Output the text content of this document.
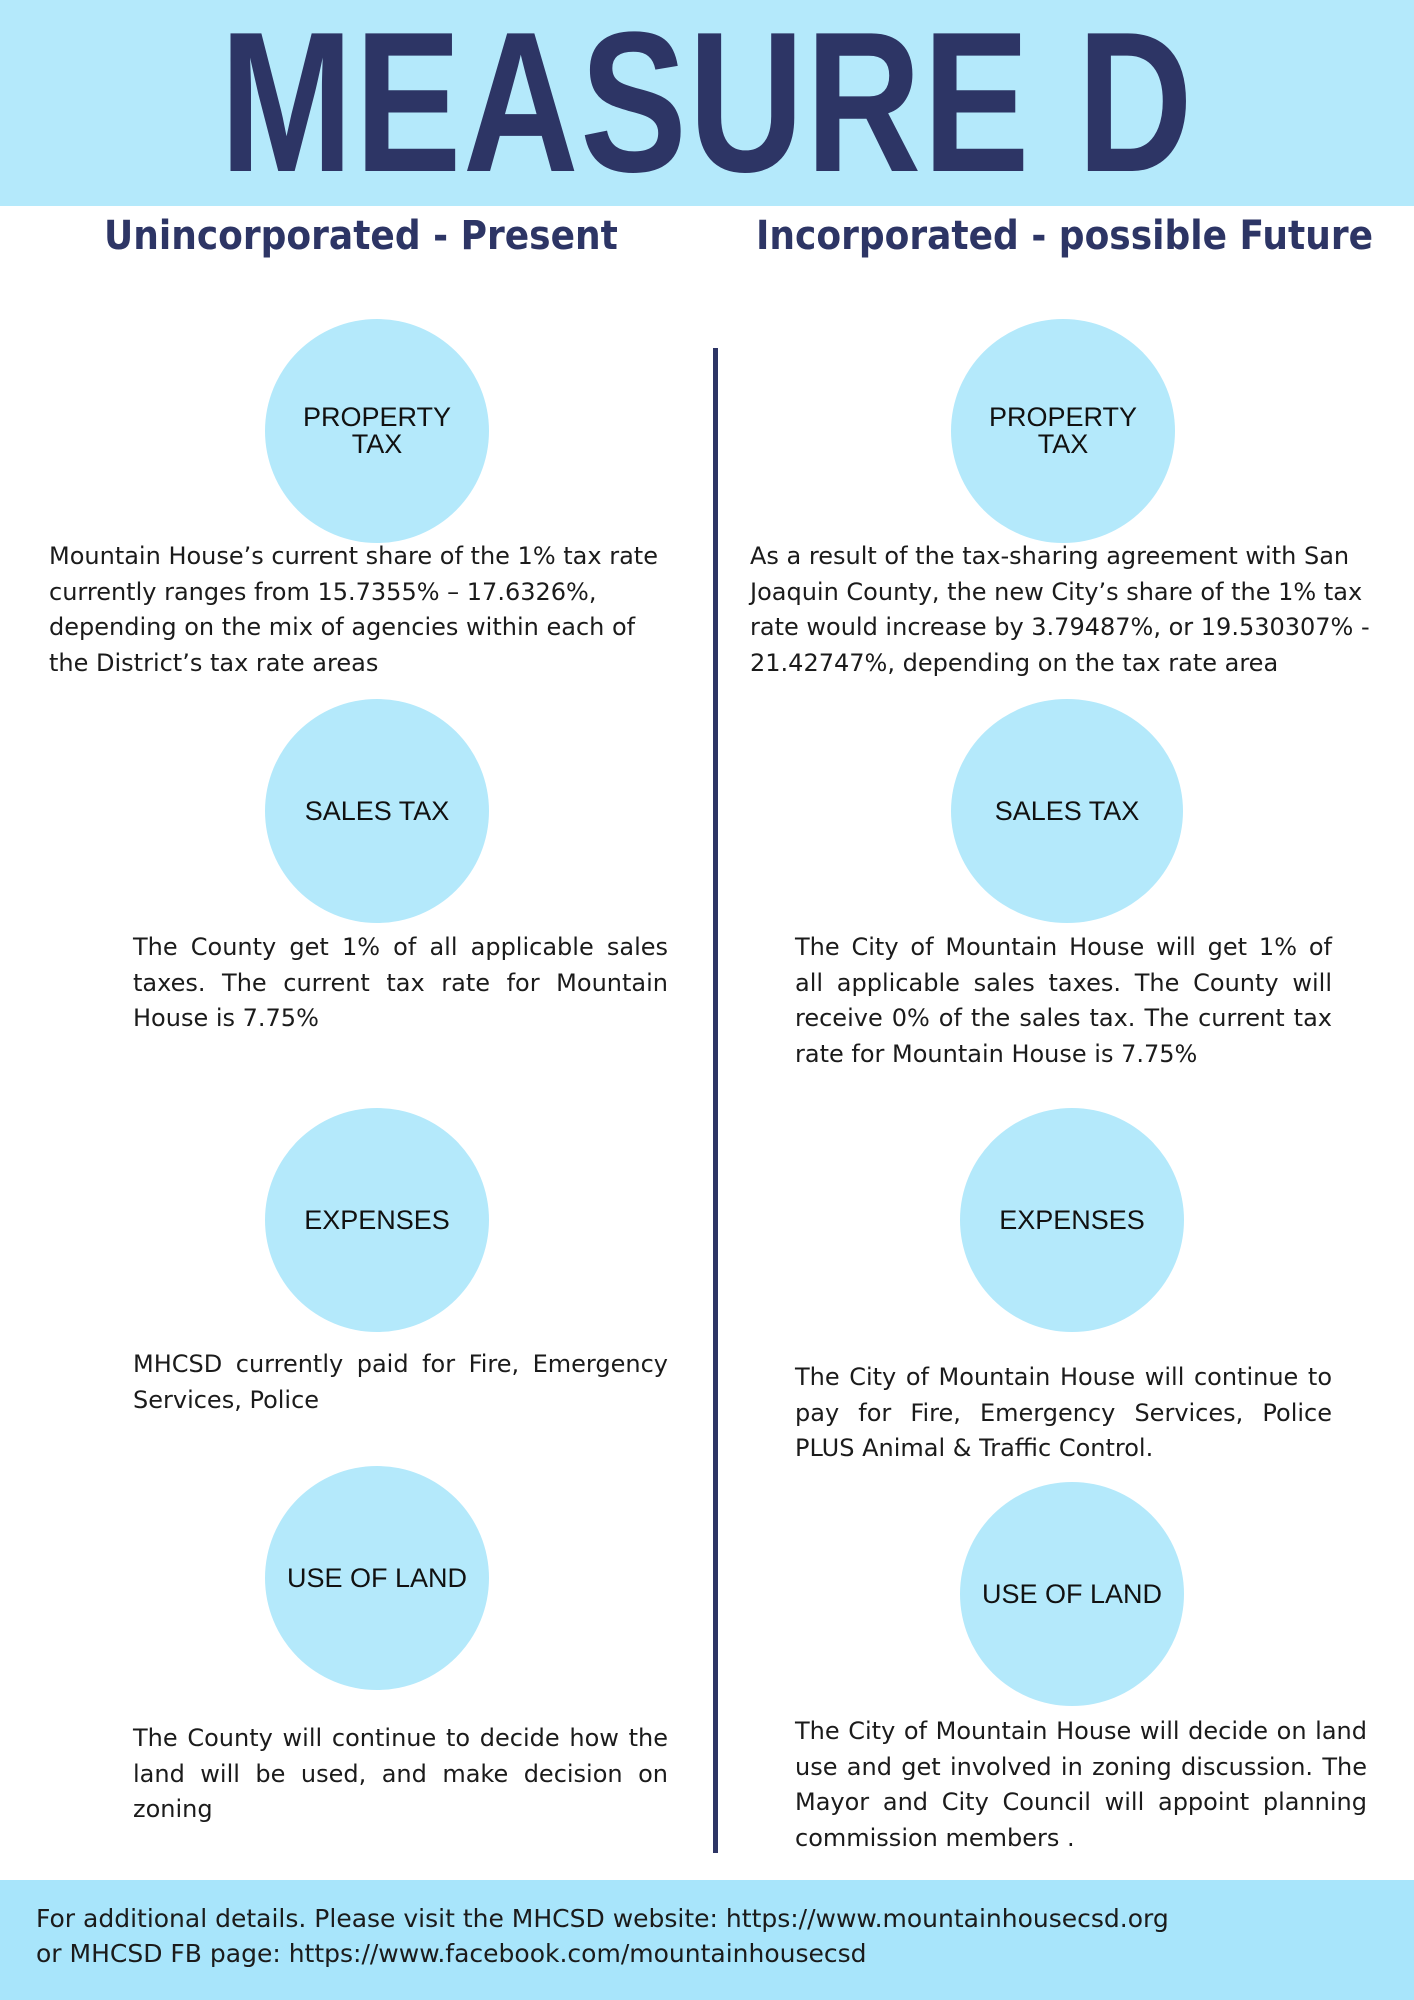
MEASURE D
Unincorporated - Present	Incorporated - possible Future
PROPERTY
TAX
Mountain House’s current share of the 1% tax rate currently ranges from 15.7355% – 17.6326%, depending on the mix of agencies within each of the District’s tax rate areas
SALES TAX
The County get 1% of all applicable sales taxes. The current tax rate for Mountain House is 7.75%
EXPENSES
MHCSD currently paid for Fire, Emergency Services, Police
USE OF LAND
The County will continue to decide how the land will be used, and make decision on zoning
PROPERTY
TAX
As a result of the tax-sharing agreement with San Joaquin County, the new City’s share of the 1% tax rate would increase by 3.79487%, or 19.530307% - 21.42747%, depending on the tax rate area
SALES TAX
The City of Mountain House will get 1% of all applicable sales taxes. The County will receive 0% of the sales tax. The current tax rate for Mountain House is 7.75%
EXPENSES
The City of Mountain House will continue to pay for Fire, Emergency Services, Police PLUS Animal & Traffic Control.
USE OF LAND
The City of Mountain House will decide on land use and get involved in zoning discussion. The Mayor and City Council will appoint planning commission members .
For additional details. Please visit the MHCSD website: https://www.mountainhousecsd.org
or MHCSD FB page: https://www.facebook.com/mountainhousecsd
